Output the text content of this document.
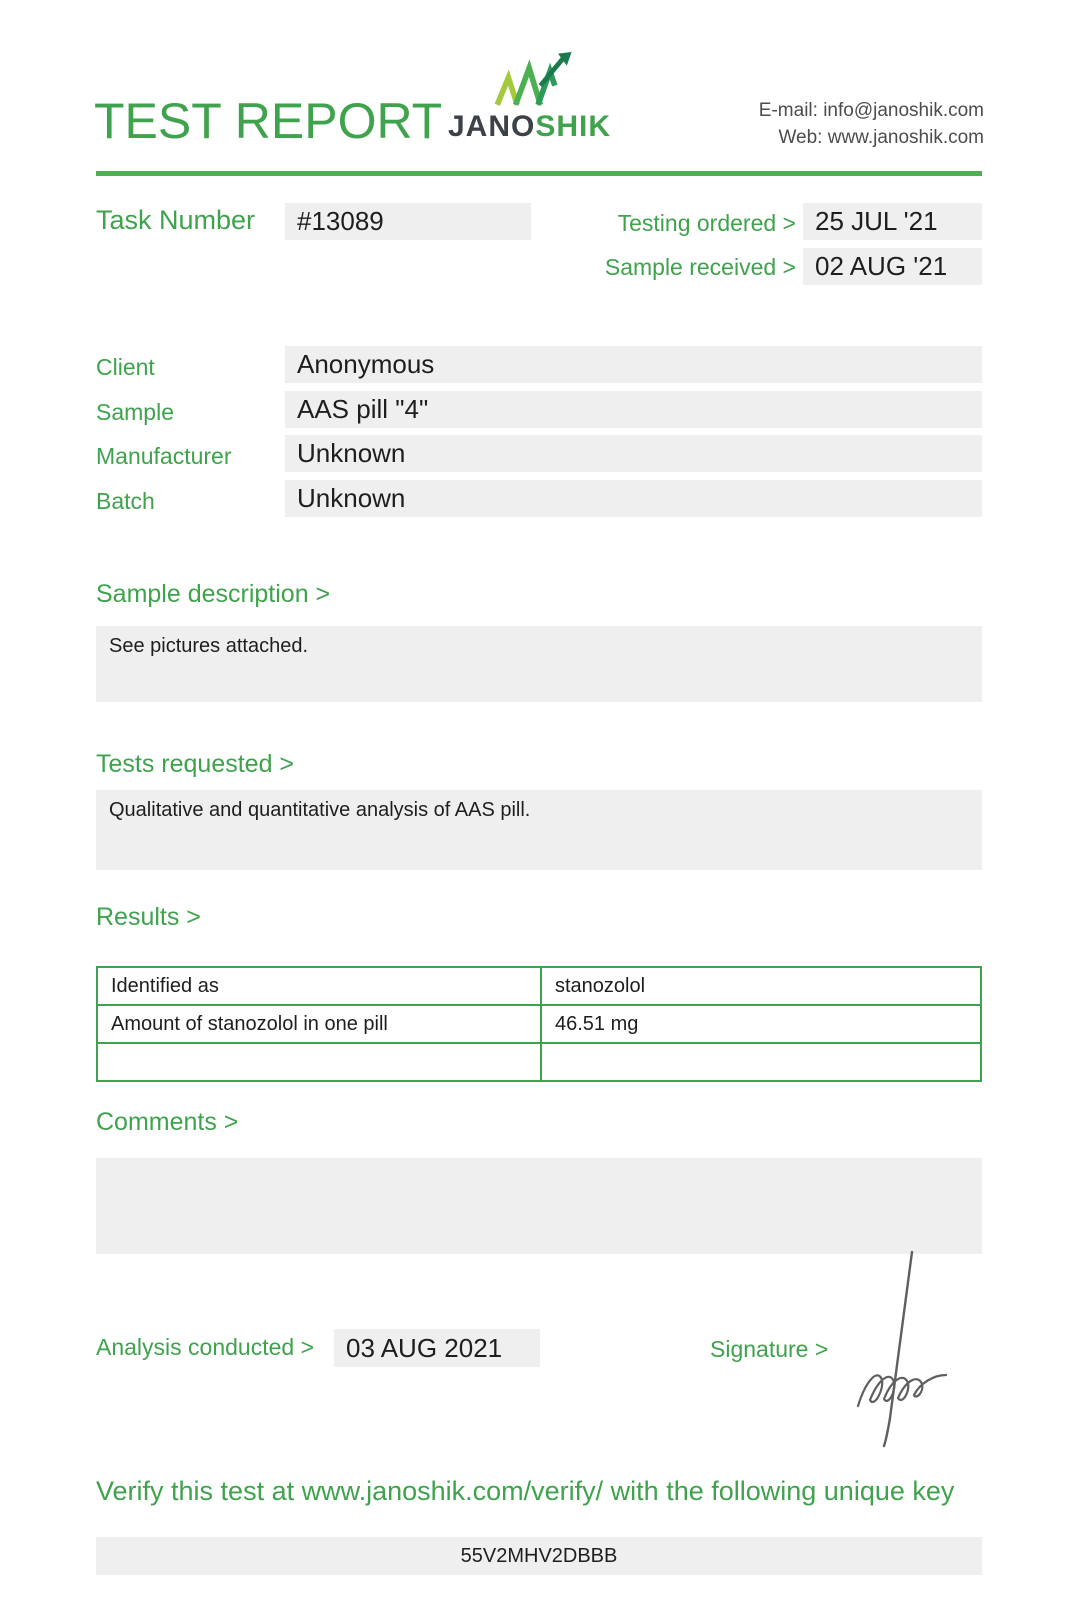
TEST REPORT JANOSHIK	E-mail: info@janoshik.com
Web: www.janoshik.com
Task Number	#13089	Testing ordered > 25 JUL '21
Sample received > 02 AUG '21
Client	Anonymous
Sample	AAS pill "4"
Manufacturer	Unknown
Batch	Unknown
Sample description >
See pictures attached.
Tests requested >
Qualitative and quantitative analysis of AAS pill.
Results >
Identified as	stanozolol
Amount of stanozolol in one pill	46.51 mg

Comments >
Analysis conducted >	03 AUG 2021	Signature >
Verify this test at www.janoshik.com/verify/ with the following unique key
55V2MHV2DBBB
